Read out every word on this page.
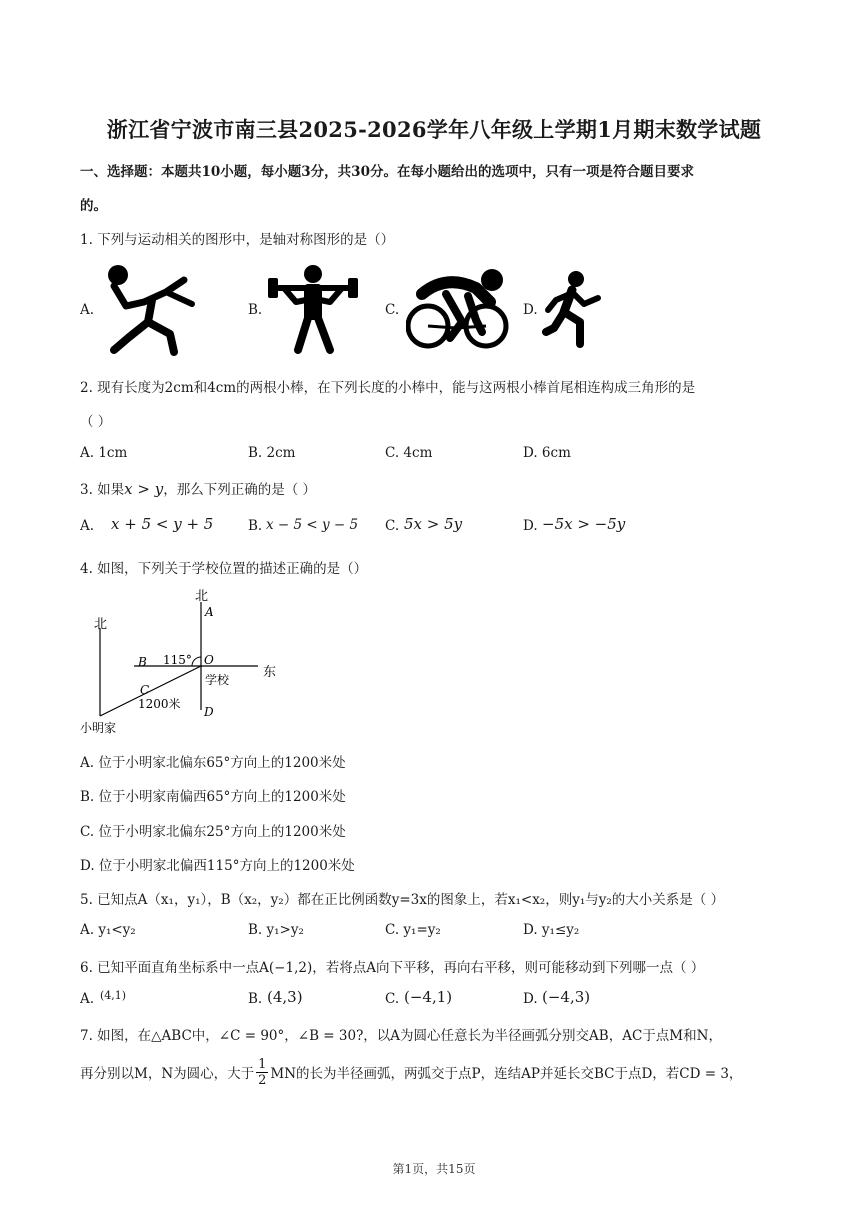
浙江省宁波市南三县2025-2026学年八年级上学期1月期末数学试题
一、选择题：本题共10小题，每小题3分，共30分。在每小题给出的选项中，只有一项是符合题目要求
的。
1. 下列与运动相关的图形中，是轴对称图形的是（）
A.	B.	C.	D.
2. 现有长度为2cm和4cm的两根小棒，在下列长度的小棒中，能与这两根小棒首尾相连构成三角形的是
（ ）
A. 1cm	B. 2cm	C. 4cm	D. 6cm
3. 如果x > y，那么下列正确的是（ ）
A. x + 5 < y + 5	B. x − 5 < y − 5 C. 5x > 5y	D. −5x > −5y
4. 如图，下列关于学校位置的描述正确的是（）
北
北
东
A
B
C
D
O
115°
学校
1200米
小明家
A. 位于小明家北偏东65°方向上的1200米处
B. 位于小明家南偏西65°方向上的1200米处
C. 位于小明家北偏东25°方向上的1200米处
D. 位于小明家北偏西115°方向上的1200米处
5. 已知点A（x₁，y₁），B（x₂，y₂）都在正比例函数y=3x的图象上，若x₁<x₂，则y₁与y₂的大小关系是（ ）
A. y₁<y₂	B. y₁>y₂	C. y₁=y₂	D. y₁≤y₂
6. 已知平面直角坐标系中一点A(−1,2)，若将点A向下平移，再向右平移，则可能移动到下列哪一点（ ）
A. (4,1)	B. (4,3)	C. (−4,1)	D. (−4,3)
7. 如图，在△ABC中，∠C = 90°，∠B = 30?，以A为圆心任意长为半径画弧分别交AB，AC于点M和N，
再分别以M，N为圆心，大于 $\frac{1}{2}$ MN的长为半径画弧，两弧交于点P，连结AP并延长交BC于点D，若CD = 3，
第1页，共15页
